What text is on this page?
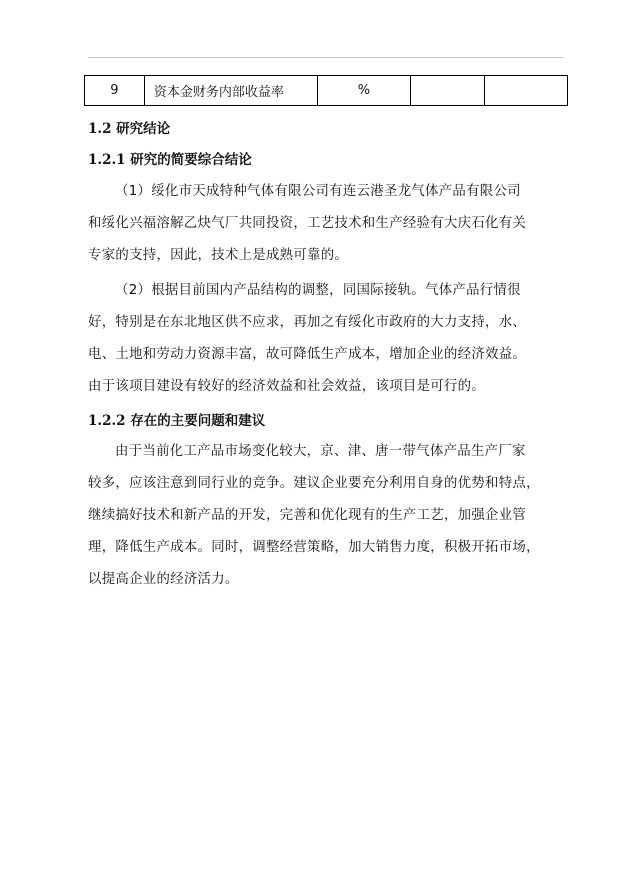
9	资本金财务内部收益率	%		
1.2 研究结论
1.2.1 研究的简要综合结论
（1）绥化市天成特种气体有限公司有连云港圣龙气体产品有限公司
和绥化兴福溶解乙炔气厂共同投资，工艺技术和生产经验有大庆石化有关
专家的支持，因此，技术上是成熟可靠的。
（2）根据目前国内产品结构的调整，同国际接轨。气体产品行情很
好，特别是在东北地区供不应求，再加之有绥化市政府的大力支持，水、
电、土地和劳动力资源丰富，故可降低生产成本，增加企业的经济效益。
由于该项目建设有较好的经济效益和社会效益，该项目是可行的。
1.2.2 存在的主要问题和建议
由于当前化工产品市场变化较大，京、津、唐一带气体产品生产厂家
较多，应该注意到同行业的竞争。建议企业要充分利用自身的优势和特点，
继续搞好技术和新产品的开发，完善和优化现有的生产工艺，加强企业管
理，降低生产成本。同时，调整经营策略，加大销售力度，积极开拓市场，
以提高企业的经济活力。
